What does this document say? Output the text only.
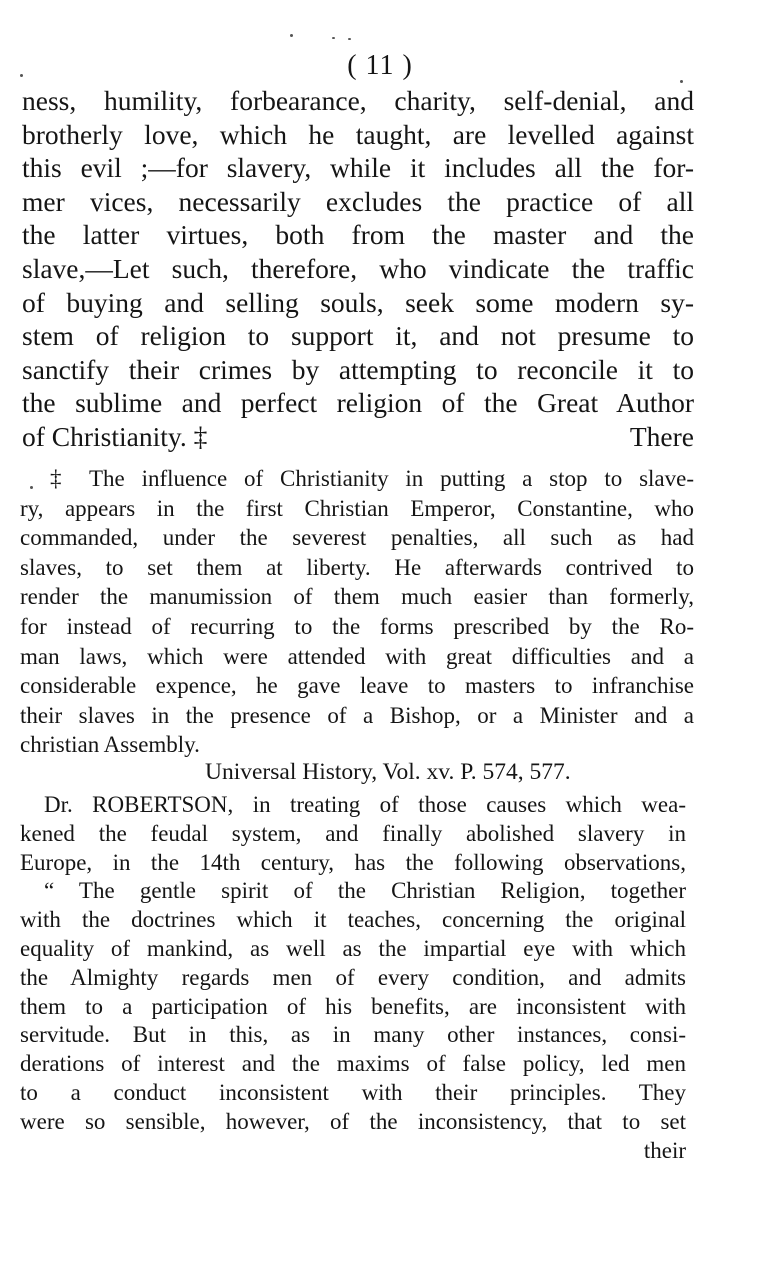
( 11 )
ness, humility, forbearance, charity, self-denial, and
brotherly love, which he taught, are levelled against
this evil ;—for slavery, while it includes all the for-
mer vices, necessarily excludes the practice of all
the latter virtues, both from the master and the
slave,—Let such, therefore, who vindicate the traffic
of buying and selling souls, seek some modern sy-
stem of religion to support it, and not presume to
sanctify their crimes by attempting to reconcile it to
the sublime and perfect religion of the Great Author
of Christianity. ‡	There
‡ The influence of Christianity in putting a stop to slave-
ry, appears in the first Christian Emperor, Constantine, who
commanded, under the severest penalties, all such as had
slaves, to set them at liberty. He afterwards contrived to
render the manumission of them much easier than formerly,
for instead of recurring to the forms prescribed by the Ro-
man laws, which were attended with great difficulties and a
considerable expence, he gave leave to masters to infranchise
their slaves in the presence of a Bishop, or a Minister and a
christian Assembly.
Universal History, Vol. xv. P. 574, 577.
Dr. ROBERTSON, in treating of those causes which wea-
kened the feudal system, and finally abolished slavery in
Europe, in the 14th century, has the following observations,
“ The gentle spirit of the Christian Religion, together
with the doctrines which it teaches, concerning the original
equality of mankind, as well as the impartial eye with which
the Almighty regards men of every condition, and admits
them to a participation of his benefits, are inconsistent with
servitude. But in this, as in many other instances, consi-
derations of interest and the maxims of false policy, led men
to a conduct inconsistent with their principles. They
were so sensible, however, of the inconsistency, that to set
their
